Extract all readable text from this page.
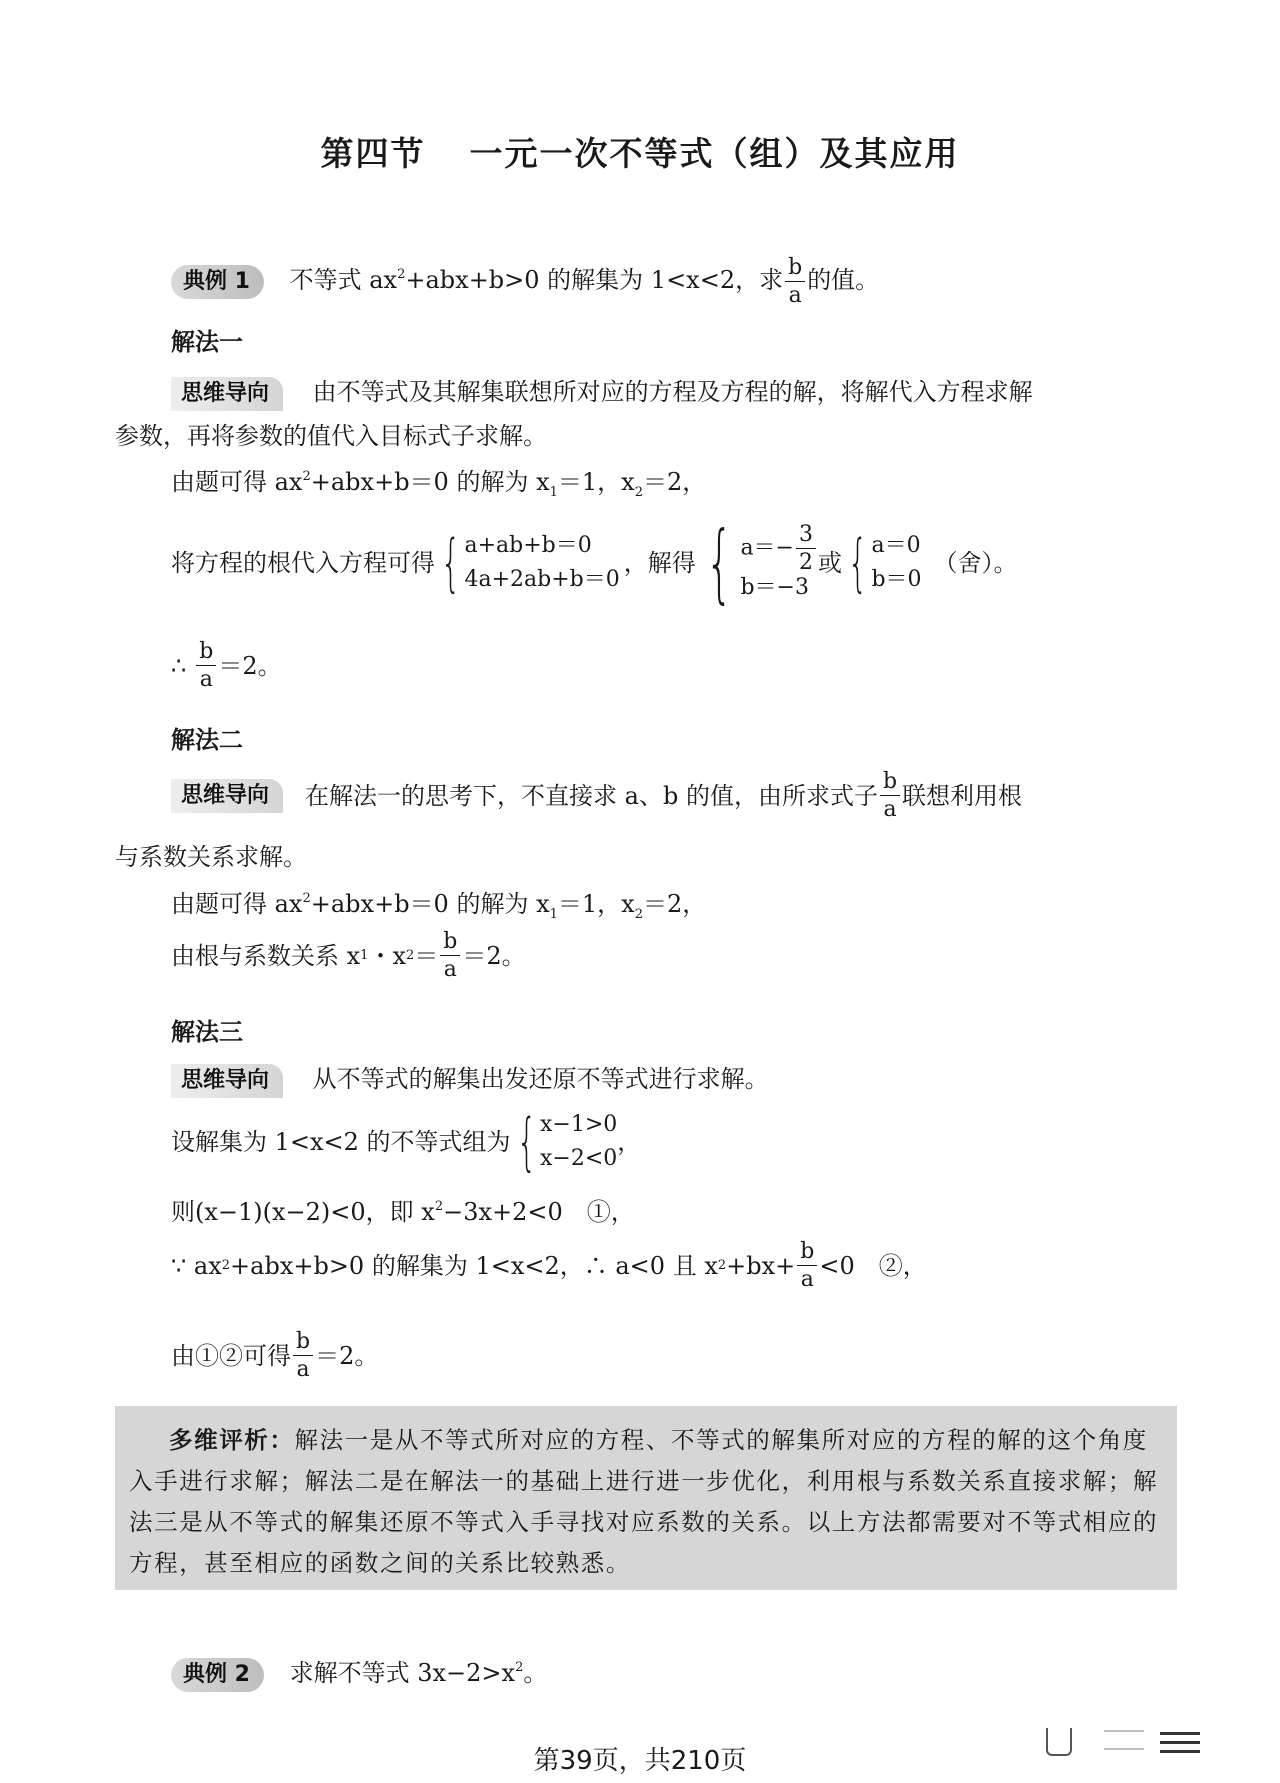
第四节 一元一次不等式（组）及其应用
典例 1 不等式 $ax^2+abx+b>0$ 的解集为 1<x<2，求 $\frac{b}{a}$ 的值。
解法一
思维导向 由不等式及其解集联想所对应的方程及方程的解，将解代入方程求解
参数，再将参数的值代入目标式子求解。
由题可得 $ax^2+abx+b=0$ 的解为 $x_1=1$，$x_2=2$，
将方程的根代入方程可得 { a+ab+b＝0
4a+2ab+b＝0
，解得 { $a=- \frac{3}{2}$
b＝−3
或 { a＝0
b＝0
（舍）。
∴ $\frac{b}{a} =2$。
解法二
思维导向	在解法一的思考下，不直接求 a、b 的值，由所求式子 $\frac{b}{a}$ 联想利用根
与系数关系求解。
由题可得 $ax^2+abx+b=0$ 的解为 $x_1=1$，$x_2=2$，
由根与系数关系 x 1 ・x $2 = \frac{b}{a} =2$。
解法三
思维导向 从不等式的解集出发还原不等式进行求解。
设解集为 1<x<2 的不等式组为 { x−1>0
x−2<0
，
则(x−1)(x−2)<0，即 $x^2-3x+2<0$　①，
∵ ax 2 +abx+b>0 的解集为 1<x<2，∴ a<0 且 x $2 +bx+ \frac{b}{a} <0$　②，
由①②可得 $\frac{b}{a} =2$。
多维评析：解法一是从不等式所对应的方程、不等式的解集所对应的方程的解的这个角度入手进行求解；解法二是在解法一的基础上进行进一步优化，利用根与系数关系直接求解；解法三是从不等式的解集还原不等式入手寻找对应系数的关系。以上方法都需要对不等式相应的方程，甚至相应的函数之间的关系比较熟悉。
典例 2 求解不等式 $3x-2>x^2$。
第39页，共210页
